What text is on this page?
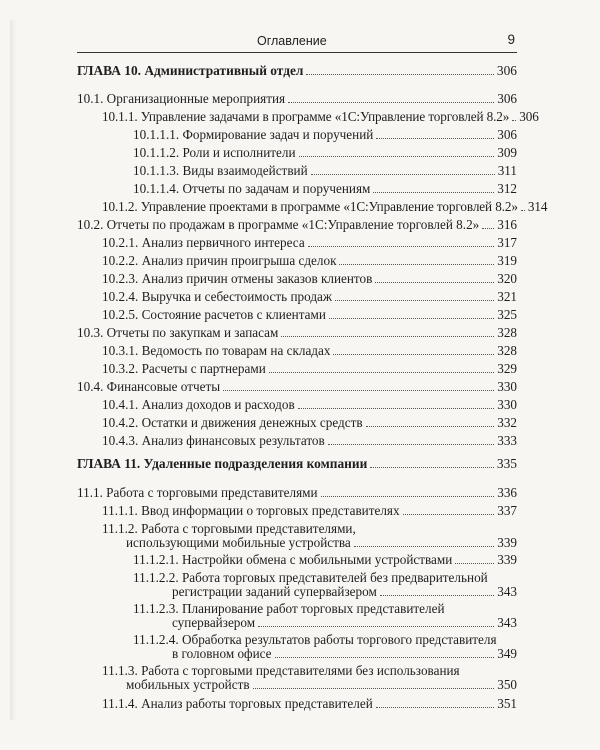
Оглавление	9
ГЛАВА 10. Административный отдел	306
10.1. Организационные мероприятия	306
10.1.1. Управление задачами в программе «1С:Управление торговлей 8.2» 306
10.1.1.1. Формирование задач и поручений	306
10.1.1.2. Роли и исполнители	309
10.1.1.3. Виды взаимодействий	311
10.1.1.4. Отчеты по задачам и поручениям	312
10.1.2. Управление проектами в программе «1С:Управление торговлей 8.2» 314
10.2. Отчеты по продажам в программе «1С:Управление торговлей 8.2» 316
10.2.1. Анализ первичного интереса	317
10.2.2. Анализ причин проигрыша сделок	319
10.2.3. Анализ причин отмены заказов клиентов	320
10.2.4. Выручка и себестоимость продаж	321
10.2.5. Состояние расчетов с клиентами	325
10.3. Отчеты по закупкам и запасам	328
10.3.1. Ведомость по товарам на складах	328
10.3.2. Расчеты с партнерами	329
10.4. Финансовые отчеты	330
10.4.1. Анализ доходов и расходов	330
10.4.2. Остатки и движения денежных средств	332
10.4.3. Анализ финансовых результатов	333
ГЛАВА 11. Удаленные подразделения компании	335
11.1. Работа с торговыми представителями	336
11.1.1. Ввод информации о торговых представителях	337
11.1.2. Работа с торговыми представителями,
использующими мобильные устройства	339
11.1.2.1. Настройки обмена с мобильными устройствами	339
11.1.2.2. Работа торговых представителей без предварительной
регистрации заданий супервайзером	343
11.1.2.3. Планирование работ торговых представителей
супервайзером	343
11.1.2.4. Обработка результатов работы торгового представителя
в головном офисе	349
11.1.3. Работа с торговыми представителями без использования
мобильных устройств	350
11.1.4. Анализ работы торговых представителей	351
